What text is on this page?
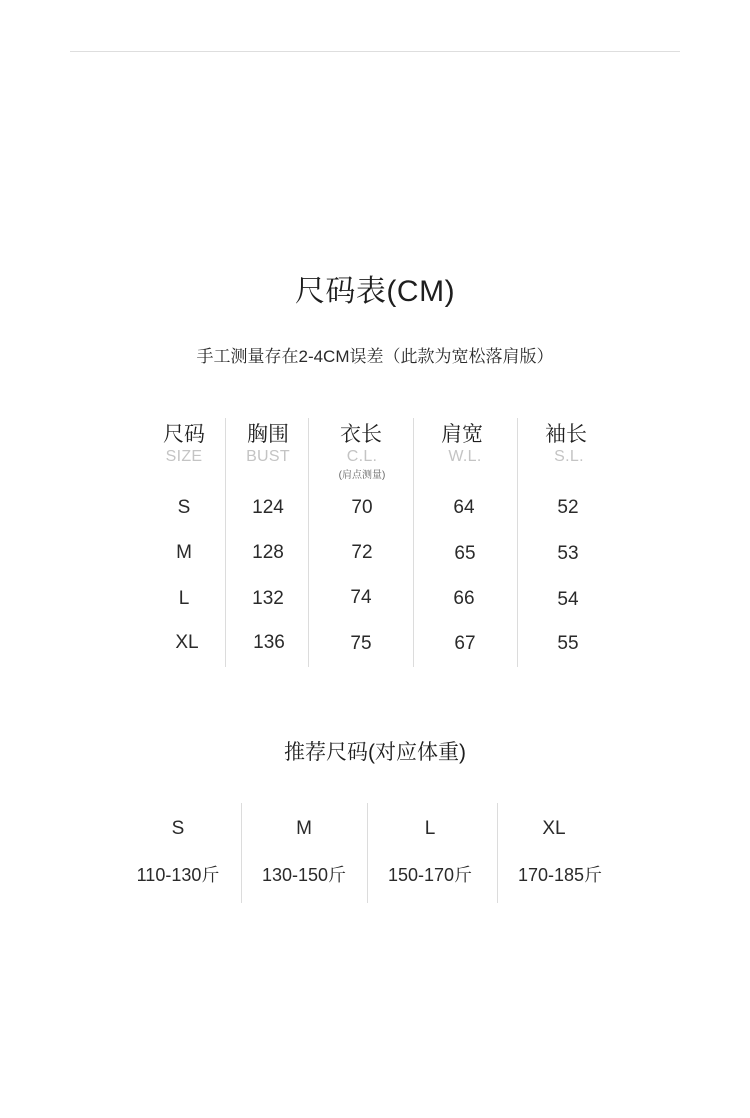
尺码表(CM)
手工测量存在2-4CM误差（此款为宽松落肩版）
尺码 胸围 衣长	肩宽	袖长
SIZE	BUST	C.L.	W.L.	S.L.
(肩点测量)
S	124	70	64	52
M	128	72	65	53
L	132	74	66	54
XL	136	75	67	55
推荐尺码(对应体重)
S	M	L	XL
110-130斤 130-150斤 150-170斤	170-185斤
